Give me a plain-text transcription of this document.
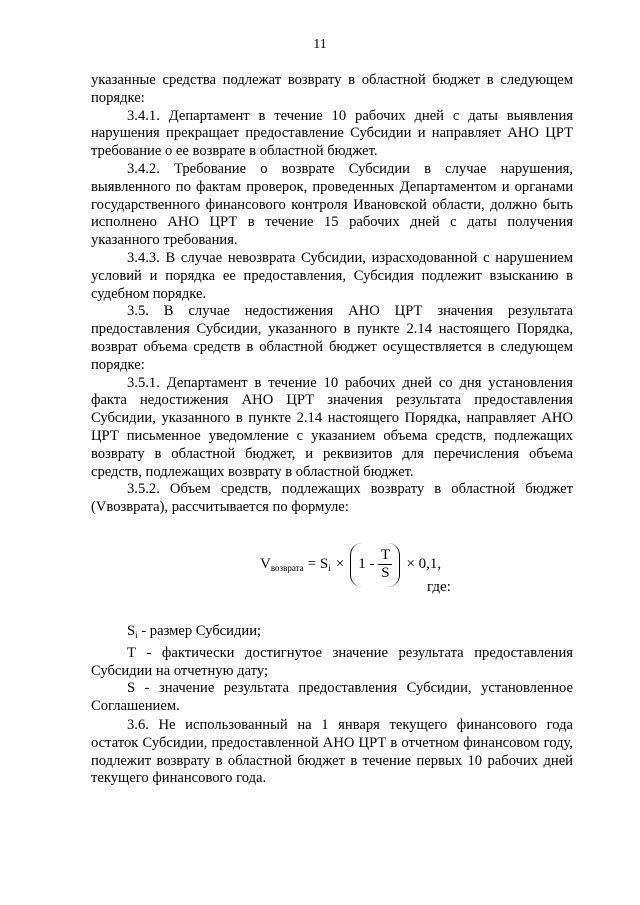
11

указанные средства подлежат возврату в областной бюджет в следующем порядке:

3.4.1. Департамент в течение 10 рабочих дней с даты выявления нарушения прекращает предоставление Субсидии и направляет АНО ЦРТ требование о ее возврате в областной бюджет.

3.4.2. Требование о возврате Субсидии в случае нарушения, выявленного по фактам проверок, проведенных Департаментом и органами государственного финансового контроля Ивановской области, должно быть исполнено АНО ЦРТ в течение 15 рабочих дней с даты получения указанного требования.

3.4.3. В случае невозврата Субсидии, израсходованной с нарушением условий и порядка ее предоставления, Субсидия подлежит взысканию в судебном порядке.

3.5. В случае недостижения АНО ЦРТ значения результата предоставления Субсидии, указанного в пункте 2.14 настоящего Порядка, возврат объема средств в областной бюджет осуществляется в следующем порядке:

3.5.1. Департамент в течение 10 рабочих дней со дня установления факта недостижения АНО ЦРТ значения результата предоставления Субсидии, указанного в пункте 2.14 настоящего Порядка, направляет АНО ЦРТ письменное уведомление с указанием объема средств, подлежащих возврату в областной бюджет, и реквизитов для перечисления объема средств, подлежащих возврату в областной бюджет.

3.5.2. Объем средств, подлежащих возврату в областной бюджет (Vвозврата), рассчитывается по формуле:

V возврата = S $i \times 1 - \frac{T}{S} \times 0,1$,
где:

$S_i$ - размер Субсидии;

Т - фактически достигнутое значение результата предоставления Субсидии на отчетную дату;

S - значение результата предоставления Субсидии, установленное Соглашением.

3.6. Не использованный на 1 января текущего финансового года остаток Субсидии, предоставленной АНО ЦРТ в отчетном финансовом году, подлежит возврату в областной бюджет в течение первых 10 рабочих дней текущего финансового года.
